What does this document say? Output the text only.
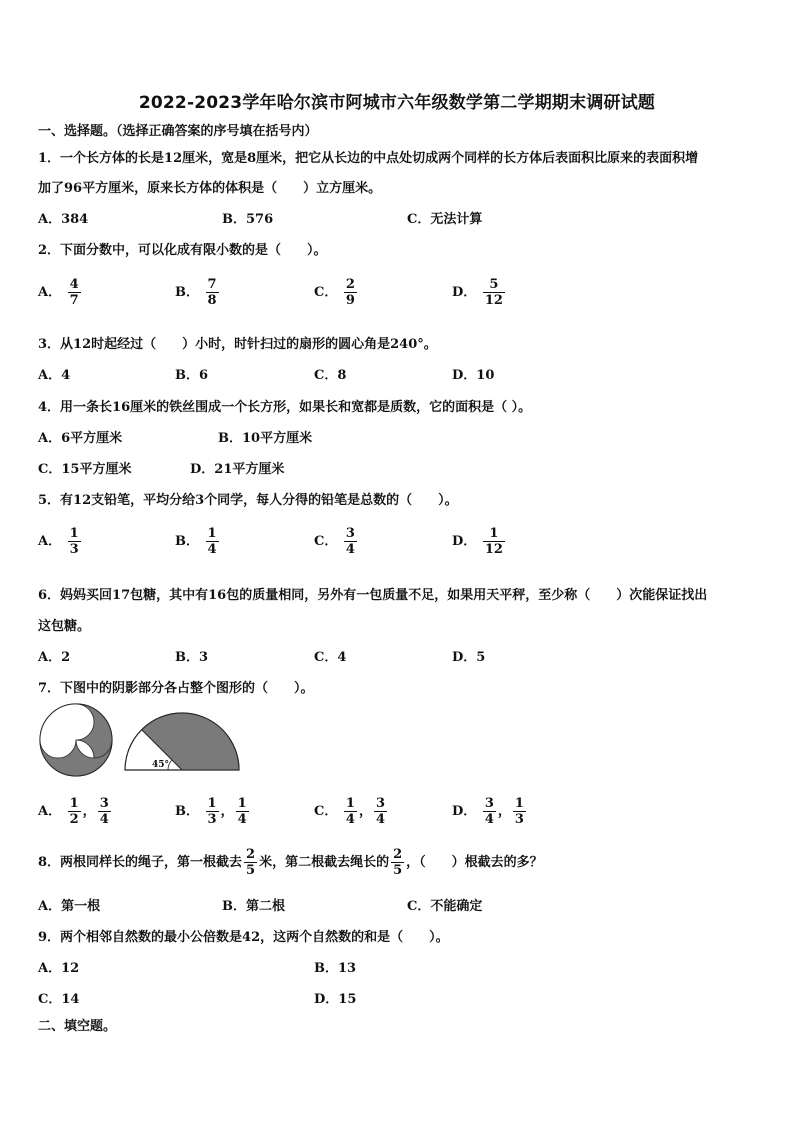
2022-2023学年哈尔滨市阿城市六年级数学第二学期期末调研试题
一、选择题。（选择正确答案的序号填在括号内）
1．一个长方体的长是12厘米，宽是8厘米，把它从长边的中点处切成两个同样的长方体后表面积比原来的表面积增
加了96平方厘米，原来长方体的体积是（　　）立方厘米。
A．384	B．576	C．无法计算
2．下面分数中，可以化成有限小数的是（　　）。
A． $\frac{4}{7}$	B． $\frac{7}{8}$	C． $\frac{2}{9}$	D． $\frac{5}{12}$
3．从12时起经过（　　）小时，时针扫过的扇形的圆心角是240°。
A．4	B．6	C．8	D．10
4．用一条长16厘米的铁丝围成一个长方形，如果长和宽都是质数，它的面积是（ ）。
A．6平方厘米	B．10平方厘米
C．15平方厘米	D．21平方厘米
5．有12支铅笔，平均分给3个同学，每人分得的铅笔是总数的（　　）。
A． $\frac{1}{3}$	B． $\frac{1}{4}$	C． $\frac{3}{4}$	D． $\frac{1}{12}$
6．妈妈买回17包糖，其中有16包的质量相同，另外有一包质量不足，如果用天平秤，至少称（　　）次能保证找出
这包糖。
A．2	B．3	C．4	D．5
7．下图中的阴影部分各占整个图形的（　　）。
45°
A． $\frac{1}{2}$ ， $\frac{3}{4}$	B． $\frac{1}{3}$ ， $\frac{1}{4}$	C． $\frac{1}{4}$ ， $\frac{3}{4}$	D． $\frac{3}{4}$ ， $\frac{1}{3}$
8．两根同样长的绳子，第一根截去 $\frac{2}{5}$ 米，第二根截去绳长的 $\frac{2}{5}$ ，（　　）根截去的多？
A．第一根	B．第二根	C．不能确定
9．两个相邻自然数的最小公倍数是42，这两个自然数的和是（　　）。
A．12	B．13
C．14	D．15
二、填空题。
